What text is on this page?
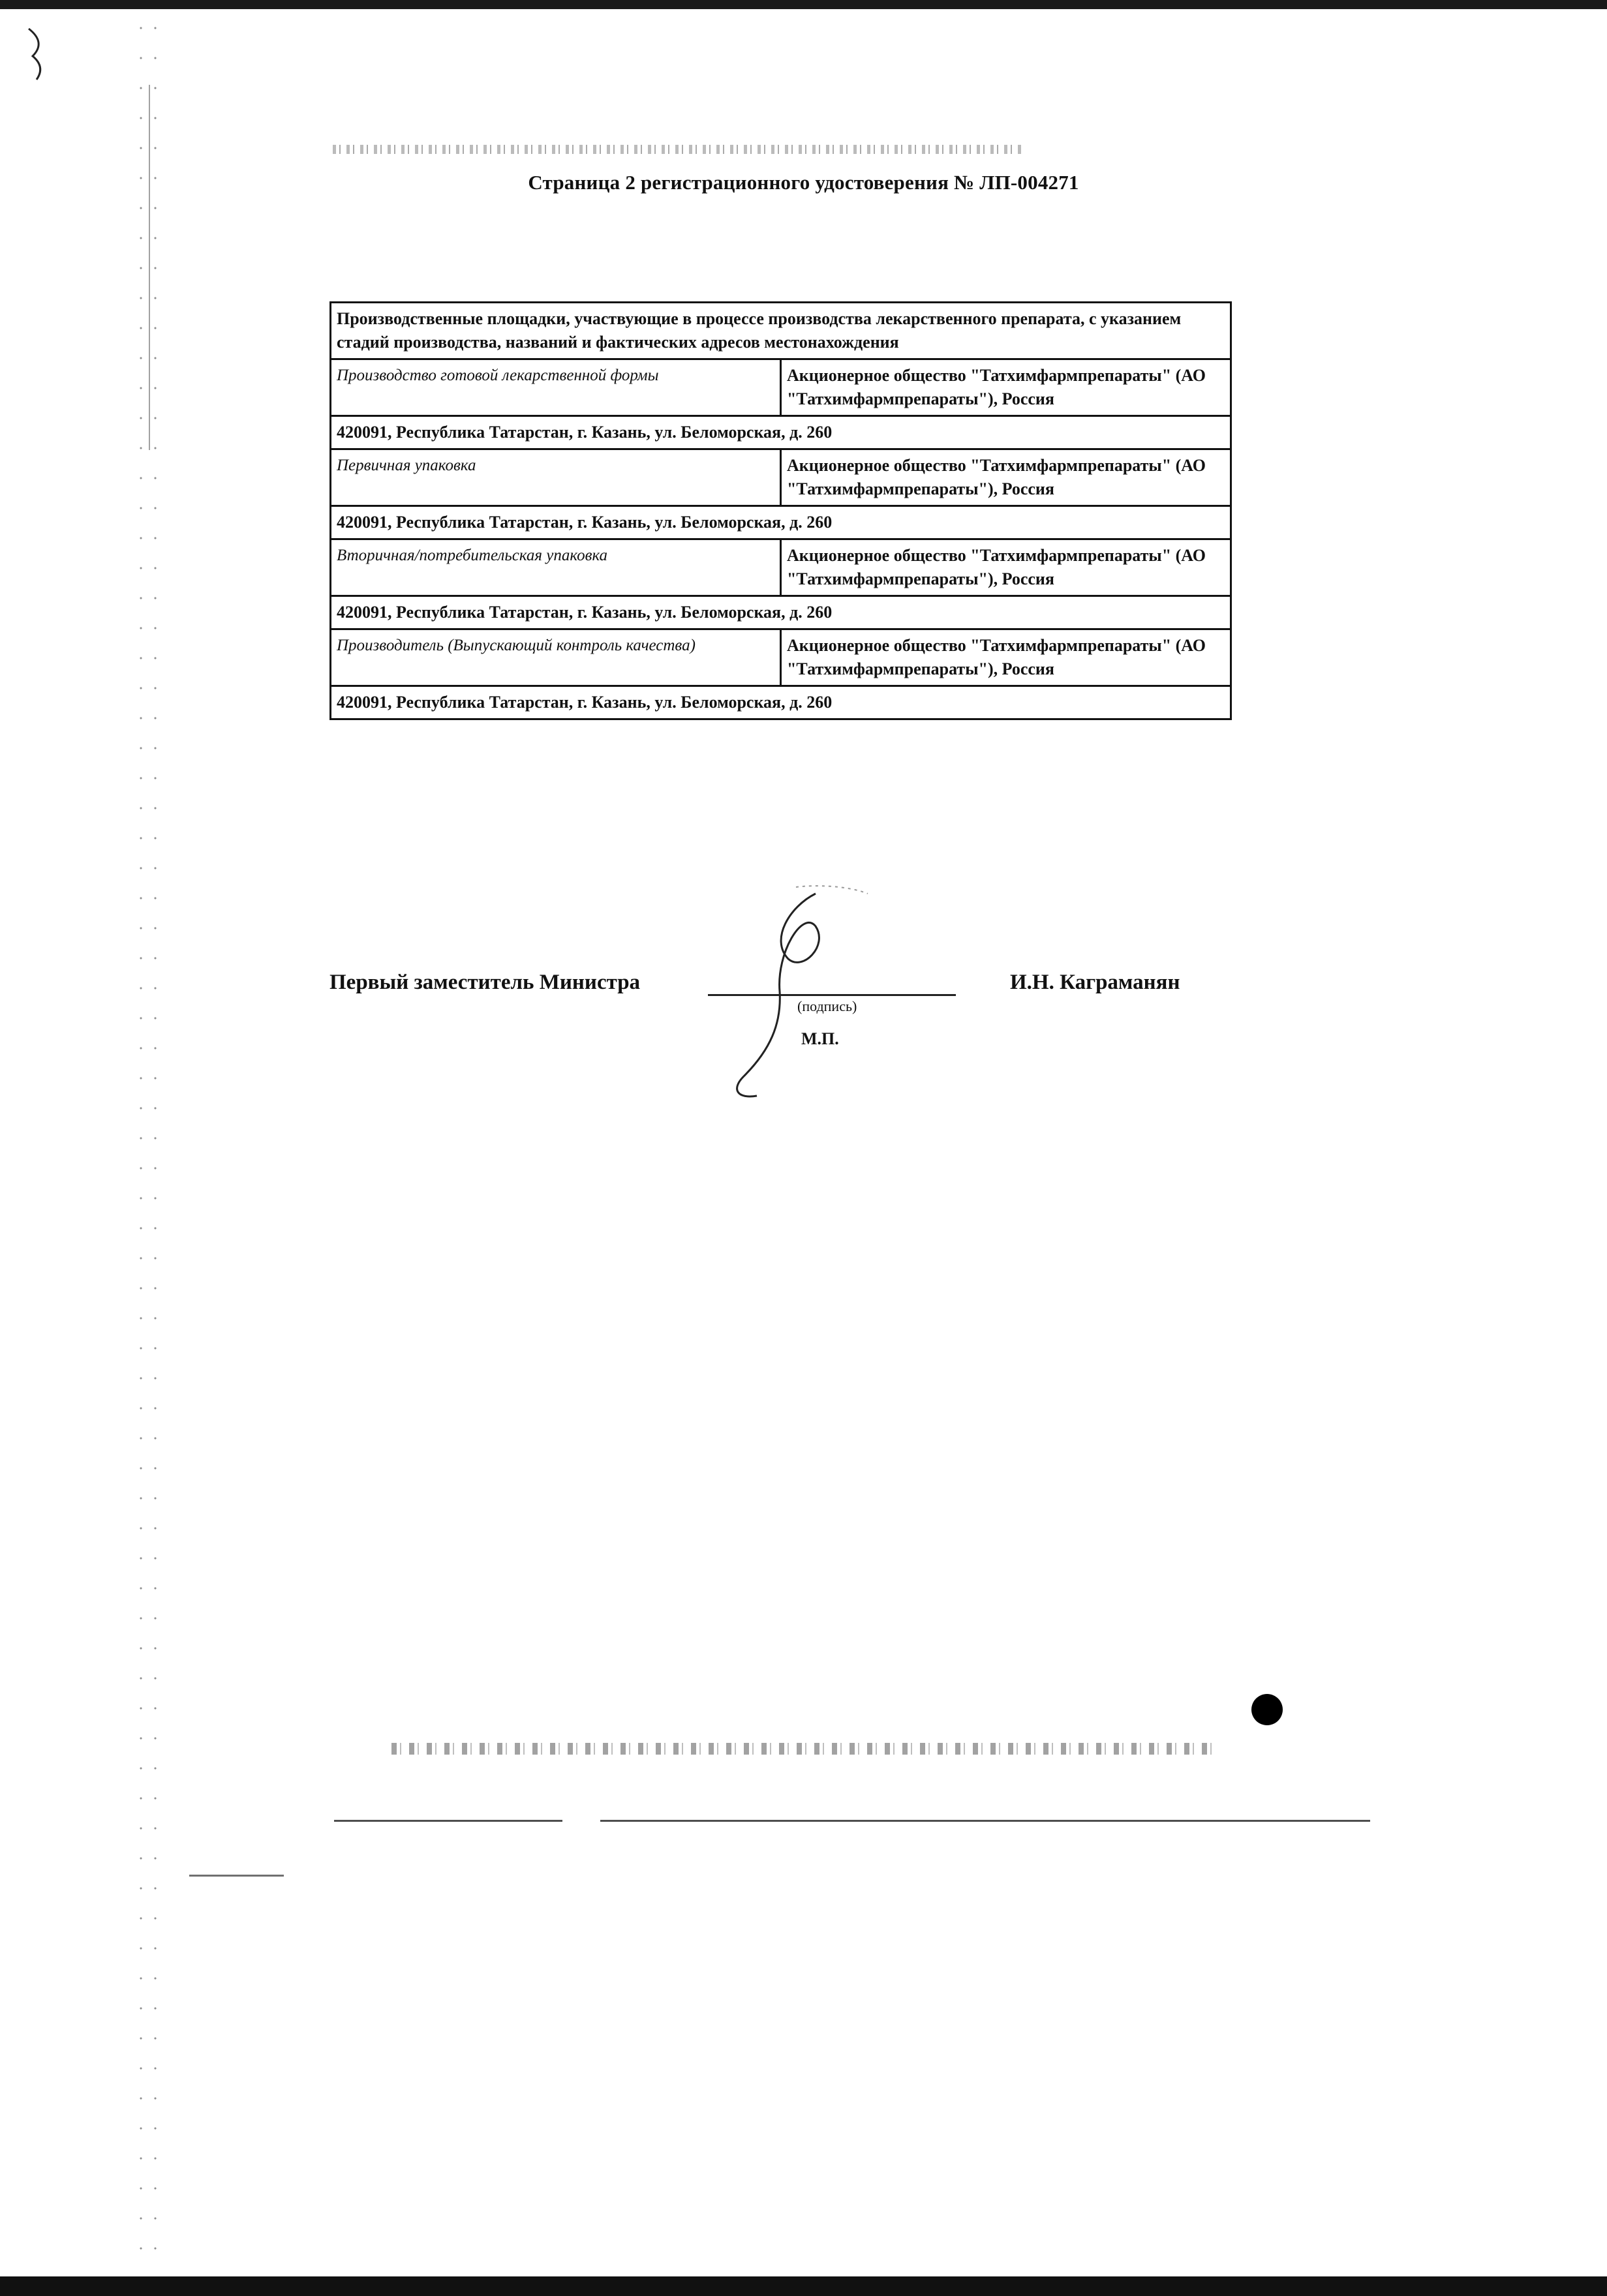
Страница 2 регистрационного удостоверения № ЛП-004271
Производственные площадки, участвующие в процессе производства лекарственного препарата, с указанием стадий производства, названий и фактических адресов местонахождения	
Производство готовой лекарственной формы	Акционерное общество "Татхимфармпрепараты" (АО "Татхимфармпрепараты"), Россия
420091, Республика Татарстан, г. Казань, ул. Беломорская, д. 260	
Первичная упаковка	Акционерное общество "Татхимфармпрепараты" (АО "Татхимфармпрепараты"), Россия
420091, Республика Татарстан, г. Казань, ул. Беломорская, д. 260	
Вторичная/потребительская упаковка	Акционерное общество "Татхимфармпрепараты" (АО "Татхимфармпрепараты"), Россия
420091, Республика Татарстан, г. Казань, ул. Беломорская, д. 260	
Производитель (Выпускающий контроль качества)	Акционерное общество "Татхимфармпрепараты" (АО "Татхимфармпрепараты"), Россия
420091, Республика Татарстан, г. Казань, ул. Беломорская, д. 260	
Первый заместитель Министра
(подпись)
М.П.
И.Н. Каграманян
